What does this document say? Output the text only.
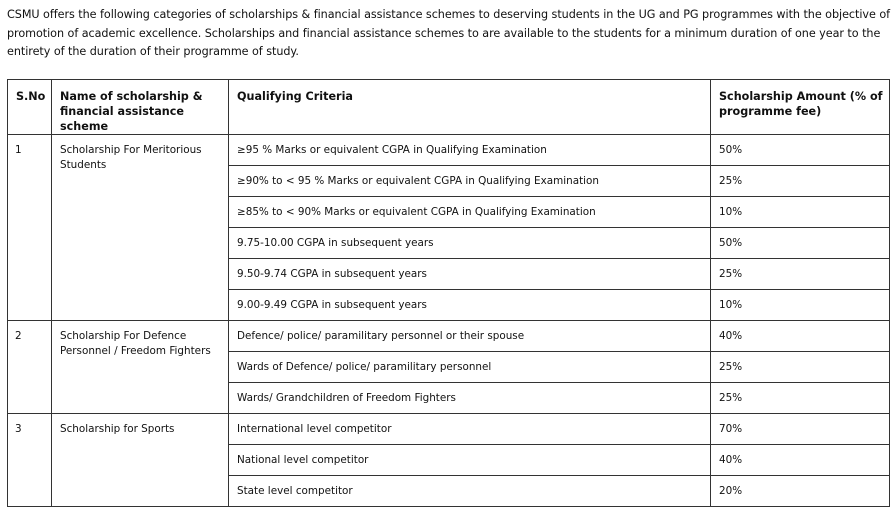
CSMU offers the following categories of scholarships & financial assistance schemes to deserving students in the UG and PG programmes with the objective of promotion of academic excellence. Scholarships and financial assistance schemes to are available to the students for a minimum duration of one year to the entirety of the duration of their programme of study.

S.No	Name of scholarship & financial assistance scheme	Qualifying Criteria	Scholarship Amount (% of programme fee)
1	Scholarship For Meritorious Students	≥95 % Marks or equivalent CGPA in Qualifying Examination	50%
		≥90% to < 95 % Marks or equivalent CGPA in Qualifying Examination	25%
		≥85% to < 90% Marks or equivalent CGPA in Qualifying Examination	10%
		9.75-10.00 CGPA in subsequent years	50%
		9.50-9.74 CGPA in subsequent years	25%
		9.00-9.49 CGPA in subsequent years	10%
2	Scholarship For Defence Personnel / Freedom Fighters	Defence/ police/ paramilitary personnel or their spouse	40%
		Wards of Defence/ police/ paramilitary personnel	25%
		Wards/ Grandchildren of Freedom Fighters	25%
3	Scholarship for Sports	International level competitor	70%
		National level competitor	40%
		State level competitor	20%
